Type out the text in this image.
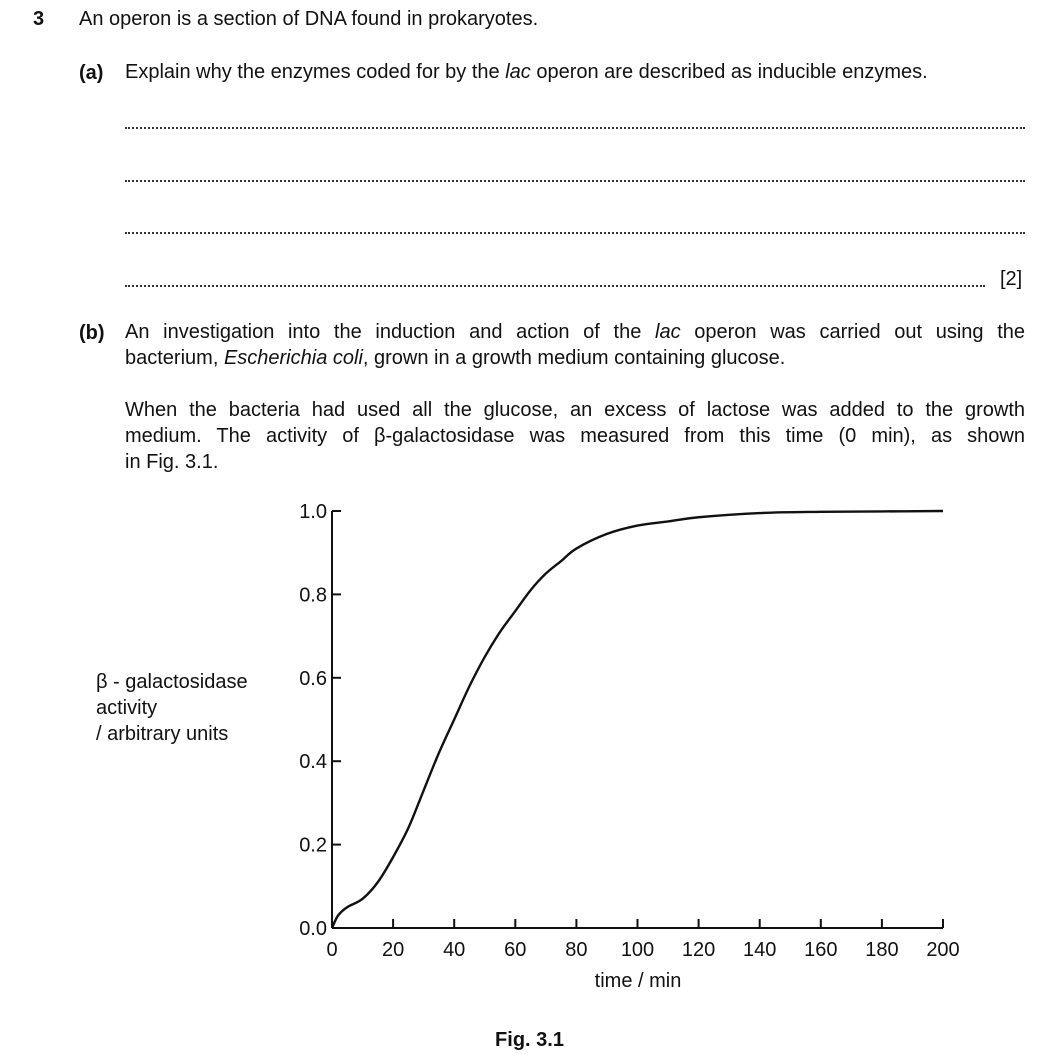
3 An operon is a section of DNA found in prokaryotes.
(a) Explain why the enzymes coded for by the lac operon are described as inducible enzymes.
[2]
(b) An investigation into the induction and action of the lac operon was carried out using the
bacterium, Escherichia coli, grown in a growth medium containing glucose.
When the bacteria had used all the glucose, an excess of lactose was added to the growth
medium. The activity of β-galactosidase was measured from this time (0 min), as shown
in Fig. 3.1.
β - galactosidase
activity
/ arbitrary units
0.0
0.2
0.4
0.6
0.8
1.0
0 20 40 60 80 100 120 140 160 180 200
time / min
Fig. 3.1
